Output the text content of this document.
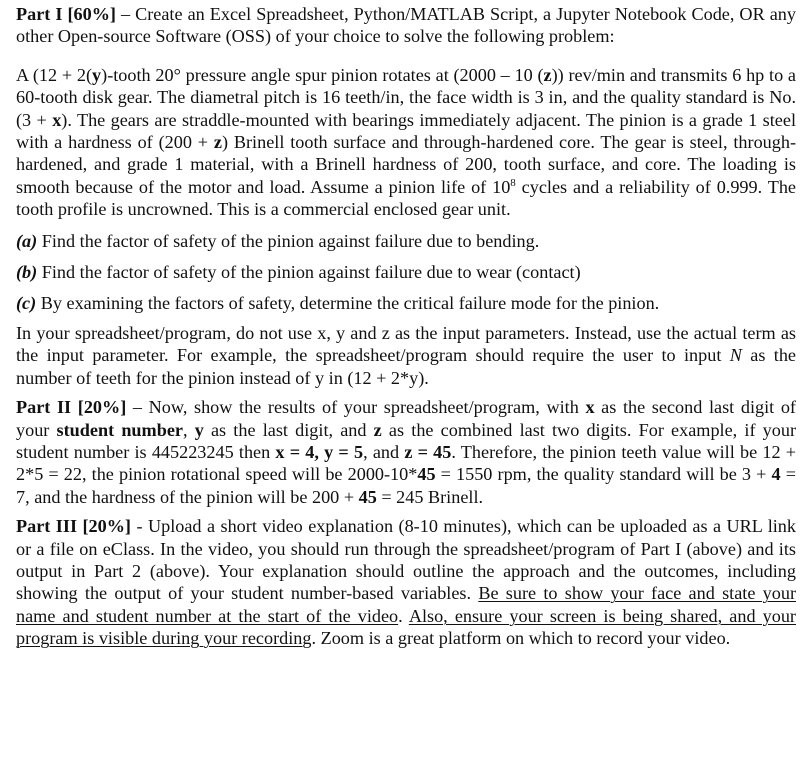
Part I [60%] – Create an Excel Spreadsheet, Python/MATLAB Script, a Jupyter Notebook Code, OR any other Open-source Software (OSS) of your choice to solve the following problem:

A (12 + 2(y)-tooth 20° pressure angle spur pinion rotates at (2000 – 10 (z)) rev/min and transmits 6 hp to a 60-tooth disk gear. The diametral pitch is 16 teeth/in, the face width is 3 in, and the quality standard is No. (3 + x). The gears are straddle-mounted with bearings immediately adjacent. The pinion is a grade 1 steel with a hardness of (200 + z) Brinell tooth surface and through-hardened core. The gear is steel, through-hardened, and grade 1 material, with a Brinell hardness of 200, tooth surface, and core. The loading is smooth because of the motor and load. Assume a pinion life of $10^8$ cycles and a reliability of 0.999. The tooth profile is uncrowned. This is a commercial enclosed gear unit.

(a) Find the factor of safety of the pinion against failure due to bending.

(b) Find the factor of safety of the pinion against failure due to wear (contact)

(c) By examining the factors of safety, determine the critical failure mode for the pinion.

In your spreadsheet/program, do not use x, y and z as the input parameters. Instead, use the actual term as the input parameter. For example, the spreadsheet/program should require the user to input N as the number of teeth for the pinion instead of y in (12 + 2*y).

Part II [20%] – Now, show the results of your spreadsheet/program, with x as the second last digit of your student number, y as the last digit, and z as the combined last two digits. For example, if your student number is 445223245 then x = 4, y = 5, and z = 45. Therefore, the pinion teeth value will be 12 + 2*5 = 22, the pinion rotational speed will be 2000-10*45 = 1550 rpm, the quality standard will be 3 + 4 = 7, and the hardness of the pinion will be 200 + 45 = 245 Brinell.

Part III [20%] - Upload a short video explanation (8-10 minutes), which can be uploaded as a URL link or a file on eClass. In the video, you should run through the spreadsheet/program of Part I (above) and its output in Part 2 (above). Your explanation should outline the approach and the outcomes, including showing the output of your student number-based variables. Be sure to show your face and state your name and student number at the start of the video. Also, ensure your screen is being shared, and your program is visible during your recording. Zoom is a great platform on which to record your video.
